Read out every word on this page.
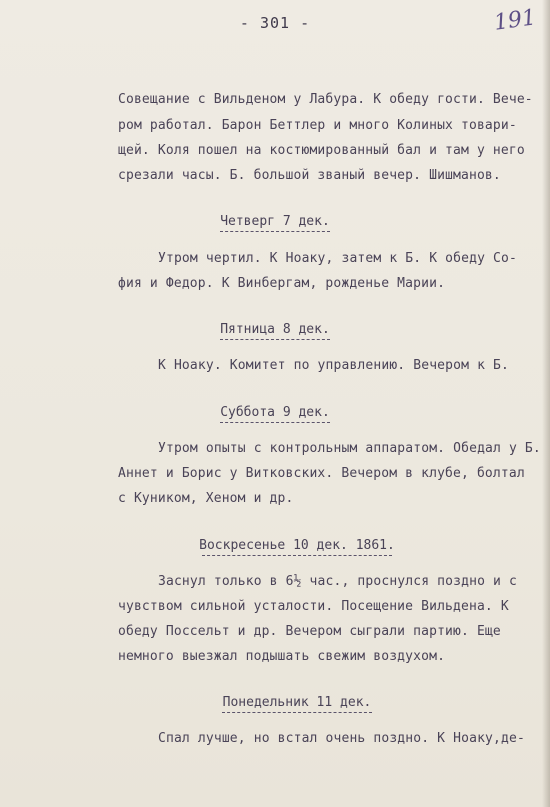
- 301 -	191
Совещание с Вильденом у Лабура. К обеду гости. Вече-
ром работал. Барон Беттлер и много Колиных товари-
щей. Коля пошел на костюмированный бал и там у него
срезали часы. Б. большой званый вечер. Шишманов.
Четверг 7 дек.
Утром чертил. К Ноаку, затем к Б. К обеду Со-
фия и Федор. К Винбергам, рожденье Марии.
Пятница 8 дек.
К Ноаку. Комитет по управлению. Вечером к Б.
Суббота 9 дек.
Утром опыты с контрольным аппаратом. Обедал у Б.
Аннет и Борис у Витковских. Вечером в клубе, болтал
с Куником, Хеном и др.
Воскресенье 10 дек. 1861.
Заснул только в 6½ час., проснулся поздно и с
чувством сильной усталости. Посещение Вильдена. К
обеду Поссельт и др. Вечером сыграли партию. Еще
немного выезжал подышать свежим воздухом.
Понедельник 11 дек.
Спал лучше, но встал очень поздно. К Ноаку,де-
